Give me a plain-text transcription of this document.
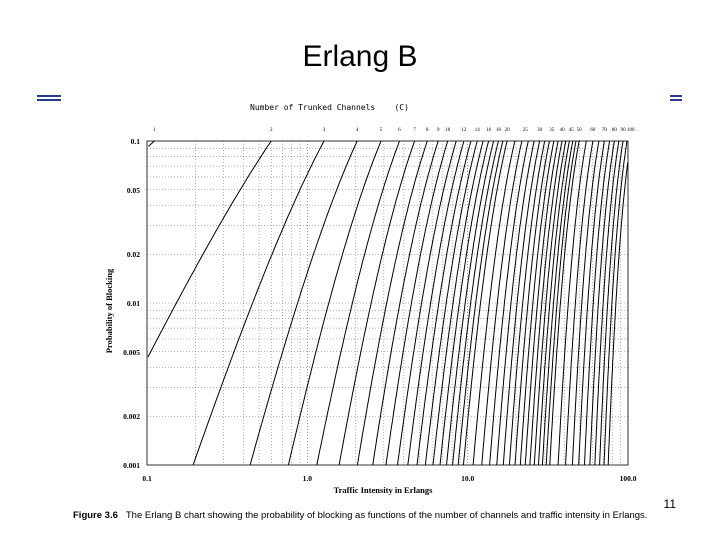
Erlang B
Number of Trunked Channels    (C)
1	2	3	4	5	6	7 8 9 10 12 14 16 18 20	25 30 35 40 45 50 60 70 80 90 100
0.1
0.05
0.02
0.01
0.005
0.002
0.001
0.1	1.0	10.0	100.0
Traffic Intensity in Erlangs
Probability of Blocking
Figure 3.6 The Erlang B chart showing the probability of blocking as functions of the number of channels and traffic intensity in Erlangs.
11
